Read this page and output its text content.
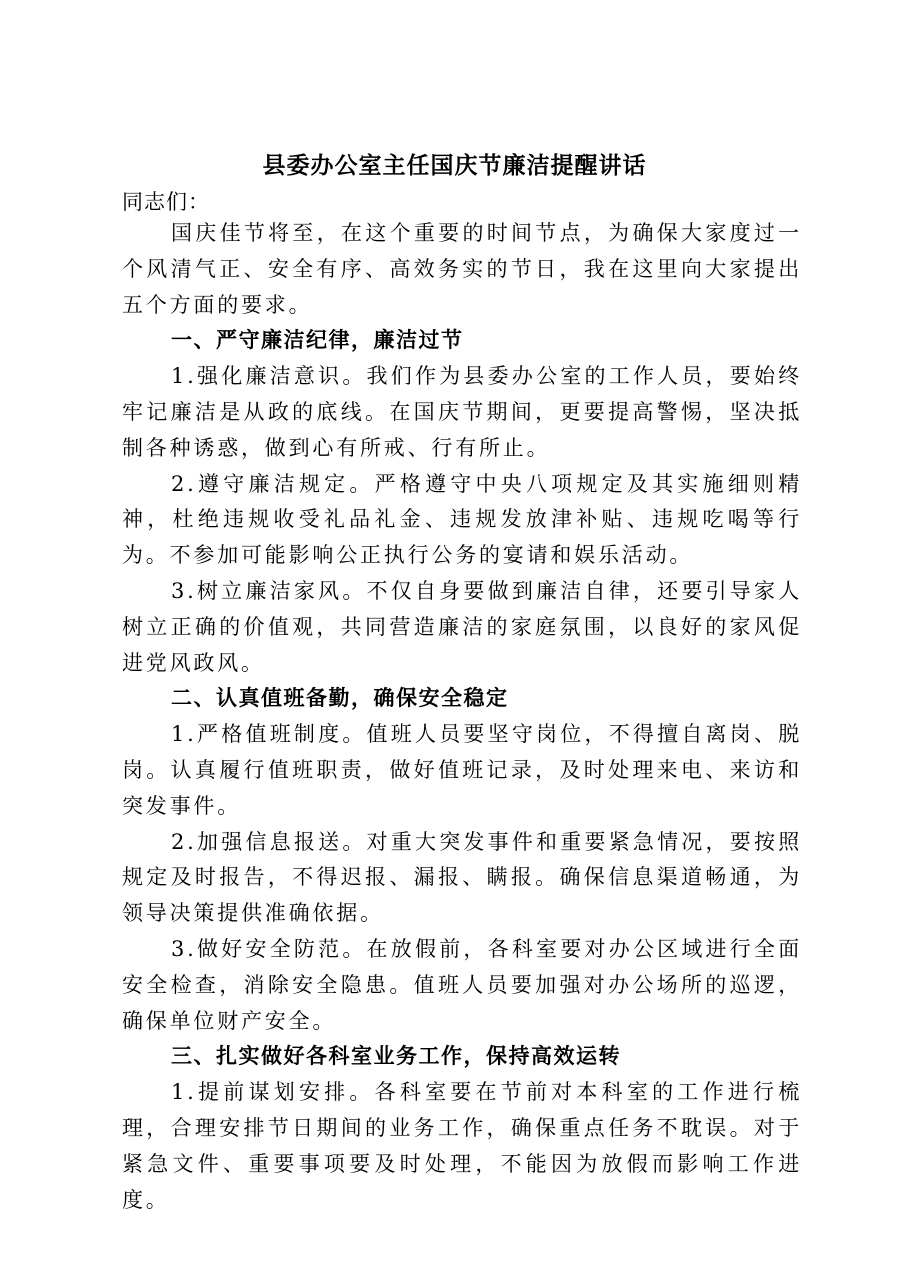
县委办公室主任国庆节廉洁提醒讲话
同志们：

国庆佳节将至，在这个重要的时间节点，为确保大家度过一个风清气正、安全有序、高效务实的节日，我在这里向大家提出五个方面的要求。

一、严守廉洁纪律，廉洁过节

1.强化廉洁意识。我们作为县委办公室的工作人员，要始终牢记廉洁是从政的底线。在国庆节期间，更要提高警惕，坚决抵制各种诱惑，做到心有所戒、行有所止。

2.遵守廉洁规定。严格遵守中央八项规定及其实施细则精神，杜绝违规收受礼品礼金、违规发放津补贴、违规吃喝等行为。不参加可能影响公正执行公务的宴请和娱乐活动。

3.树立廉洁家风。不仅自身要做到廉洁自律，还要引导家人树立正确的价值观，共同营造廉洁的家庭氛围，以良好的家风促进党风政风。

二、认真值班备勤，确保安全稳定

1.严格值班制度。值班人员要坚守岗位，不得擅自离岗、脱岗。认真履行值班职责，做好值班记录，及时处理来电、来访和突发事件。

2.加强信息报送。对重大突发事件和重要紧急情况，要按照规定及时报告，不得迟报、漏报、瞒报。确保信息渠道畅通，为领导决策提供准确依据。

3.做好安全防范。在放假前，各科室要对办公区域进行全面安全检查，消除安全隐患。值班人员要加强对办公场所的巡逻，确保单位财产安全。

三、扎实做好各科室业务工作，保持高效运转

1.提前谋划安排。各科室要在节前对本科室的工作进行梳理，合理安排节日期间的业务工作，确保重点任务不耽误。对于紧急文件、重要事项要及时处理，不能因为放假而影响工作进度。
